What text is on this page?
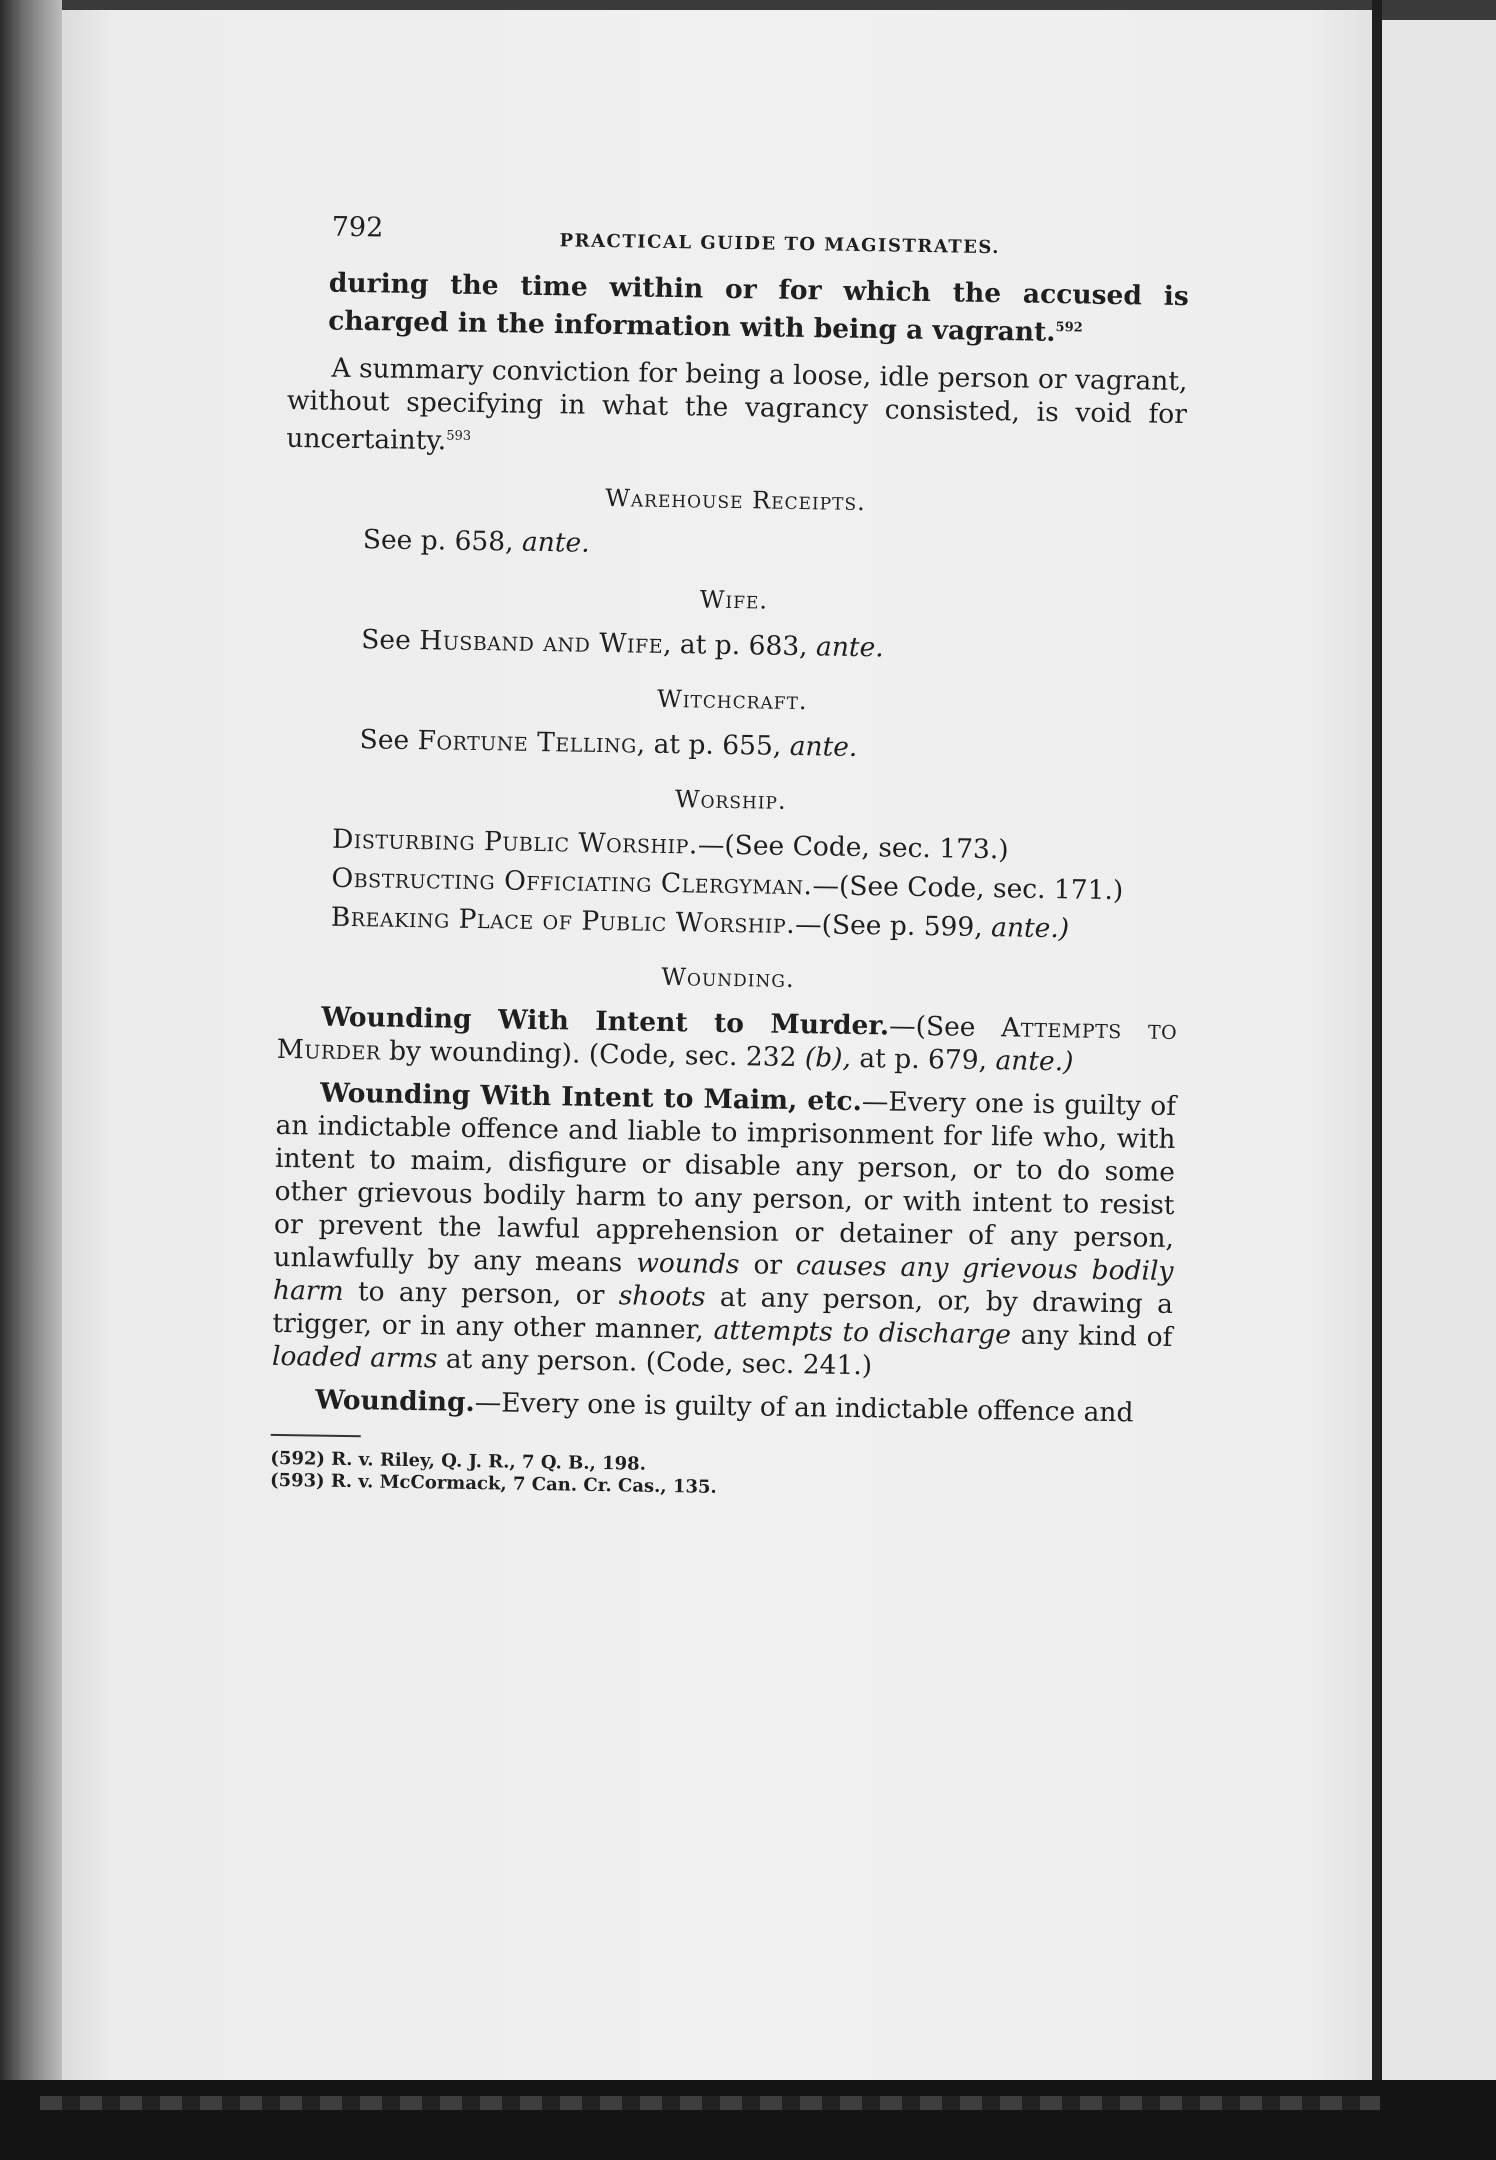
792
PRACTICAL GUIDE TO MAGISTRATES.

during the time within or for which the accused is charged in the information with being a vagrant.$^{592}$

A summary conviction for being a loose, idle person or vagrant, without specifying in what the vagrancy consisted, is void for uncertainty.$^{593}$

Warehouse Receipts.

See p. 658, ante.

Wife.

See Husband and Wife, at p. 683, ante.

Witchcraft.

See Fortune Telling, at p. 655, ante.

Worship.

Disturbing Public Worship.—(See Code, sec. 173.)

Obstructing Officiating Clergyman.—(See Code, sec. 171.)

Breaking Place of Public Worship.—(See p. 599, ante.)

Wounding.

Wounding With Intent to Murder.—(See Attempts to Murder by wounding). (Code, sec. 232 (b), at p. 679, ante.)

Wounding With Intent to Maim, etc.—Every one is guilty of an indictable offence and liable to imprisonment for life who, with intent to maim, disfigure or disable any person, or to do some other grievous bodily harm to any person, or with intent to resist or prevent the lawful apprehension or detainer of any person, unlawfully by any means wounds or causes any grievous bodily harm to any person, or shoots at any person, or, by drawing a trigger, or in any other manner, attempts to discharge any kind of loaded arms at any person. (Code, sec. 241.)

Wounding.—Every one is guilty of an indictable offence and

(592) R. v. Riley, Q. J. R., 7 Q. B., 198.

(593) R. v. McCormack, 7 Can. Cr. Cas., 135.
